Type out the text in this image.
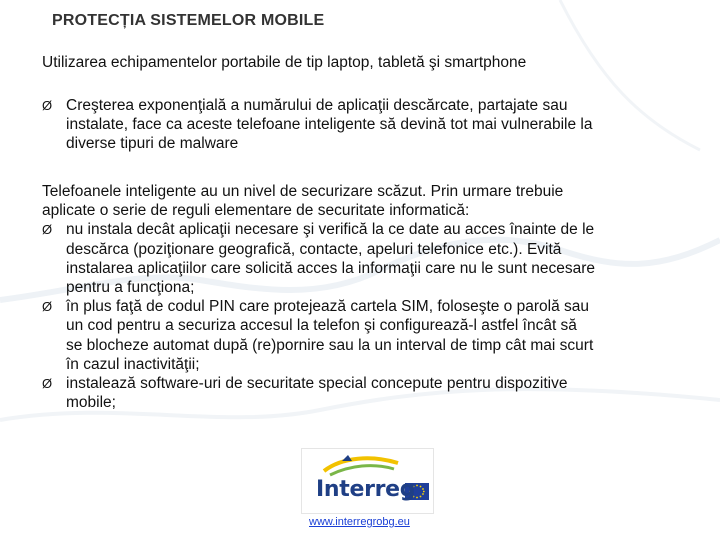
PROTECȚIA SISTEMELOR MOBILE
Utilizarea echipamentelor portabile de tip laptop, tabletă şi smartphone
Ø Creşterea exponenţială a numărului de aplicaţii descărcate, partajate sau
instalate, face ca aceste telefoane inteligente să devină tot mai vulnerabile la
diverse tipuri de malware
Telefoanele inteligente au un nivel de securizare scăzut. Prin urmare trebuie
aplicate o serie de reguli elementare de securitate informatică:
Ø nu instala decât aplicaţii necesare şi verifică la ce date au acces înainte de le
descărca (poziţionare geografică, contacte, apeluri telefonice etc.). Evită
instalarea aplicaţiilor care solicită acces la informaţii care nu le sunt necesare
pentru a funcţiona;
Ø în plus faţă de codul PIN care protejează cartela SIM, foloseşte o parolă sau
un cod pentru a securiza accesul la telefon şi configurează-l astfel încât să
se blocheze automat după (re)pornire sau la un interval de timp cât mai scurt
în cazul inactivităţii;
Ø instalează software-uri de securitate special concepute pentru dispozitive
mobile;
Interreg
www.interregrobg.eu
